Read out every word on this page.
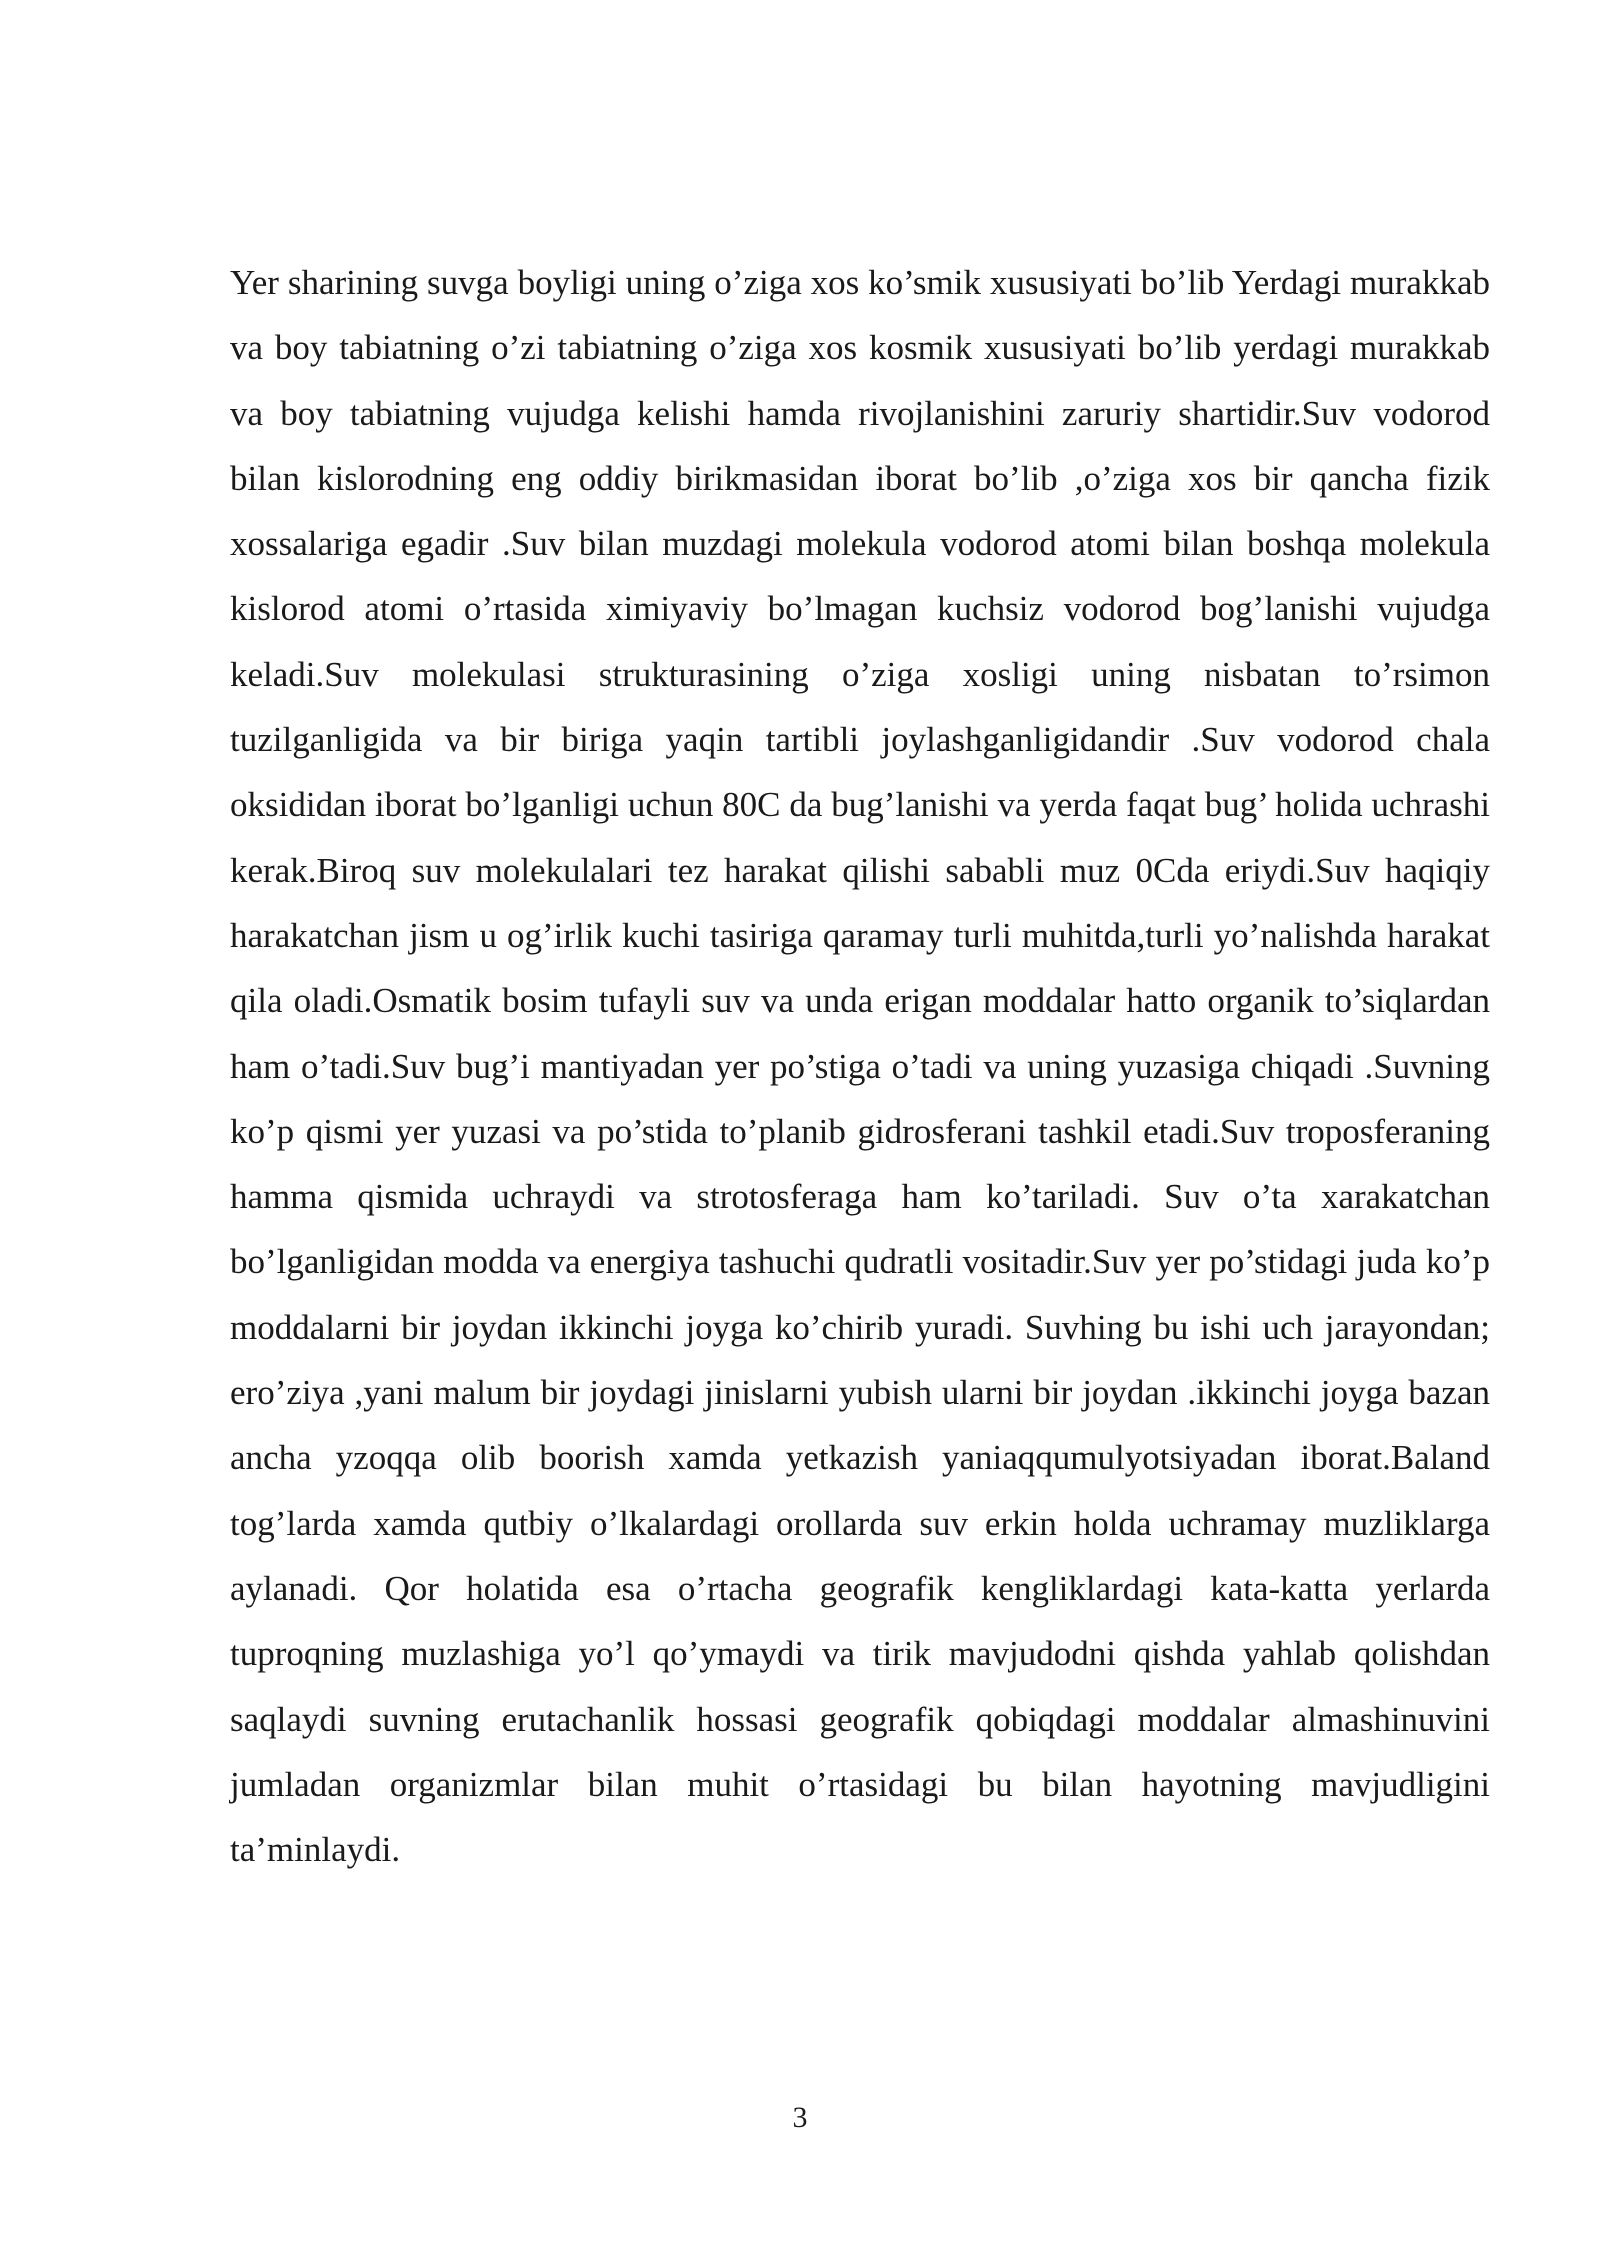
Yer sharining suvga boyligi uning o’ziga xos ko’smik xususiyati bo’lib Yerdagi murakkab va boy tabiatning o’zi tabiatning o’ziga xos kosmik xususiyati bo’lib yerdagi murakkab va boy tabiatning vujudga kelishi hamda rivojlanishini zaruriy shartidir.Suv vodorod bilan kislorodning eng oddiy birikmasidan iborat bo’lib ,o’ziga xos bir qancha fizik xossalariga egadir .Suv bilan muzdagi molekula vodorod atomi bilan boshqa molekula kislorod atomi o’rtasida ximiyaviy bo’lmagan kuchsiz vodorod bog’lanishi vujudga keladi.Suv molekulasi strukturasining o’ziga xosligi uning nisbatan to’rsimon tuzilganligida va bir biriga yaqin tartibli joylashganligidandir .Suv vodorod chala oksididan iborat bo’lganligi uchun 80C da bug’lanishi va yerda faqat bug’ holida uchrashi kerak.Biroq suv molekulalari tez harakat qilishi sababli muz 0Cda eriydi.Suv haqiqiy harakatchan jism u og’irlik kuchi tasiriga qaramay turli muhitda,turli yo’nalishda harakat qila oladi.Osmatik bosim tufayli suv va unda erigan moddalar hatto organik to’siqlardan ham o’tadi.Suv bug’i mantiyadan yer po’stiga o’tadi va uning yuzasiga chiqadi .Suvning ko’p qismi yer yuzasi va po’stida to’planib gidrosferani tashkil etadi.Suv troposferaning hamma qismida uchraydi va strotosferaga ham ko’tariladi. Suv o’ta xarakatchan bo’lganligidan modda va energiya tashuchi qudratli vositadir.Suv yer po’stidagi juda ko’p moddalarni bir joydan ikkinchi joyga ko’chirib yuradi. Suvhing bu ishi uch jarayondan; ero’ziya ,yani malum bir joydagi jinislarni yubish ularni bir joydan .ikkinchi joyga bazan ancha yzoqqa olib boorish xamda yetkazish yaniaqqumulyotsiyadan iborat.Baland tog’larda xamda qutbiy o’lkalardagi orollarda suv erkin holda uchramay muzliklarga aylanadi. Qor holatida esa o’rtacha geografik kengliklardagi kata-katta yerlarda tuproqning muzlashiga yo’l qo’ymaydi va tirik mavjudodni qishda yahlab qolishdan saqlaydi suvning erutachanlik hossasi geografik qobiqdagi moddalar almashinuvini jumladan organizmlar bilan muhit o’rtasidagi bu bilan hayotning mavjudligini ta’minlaydi.

3
